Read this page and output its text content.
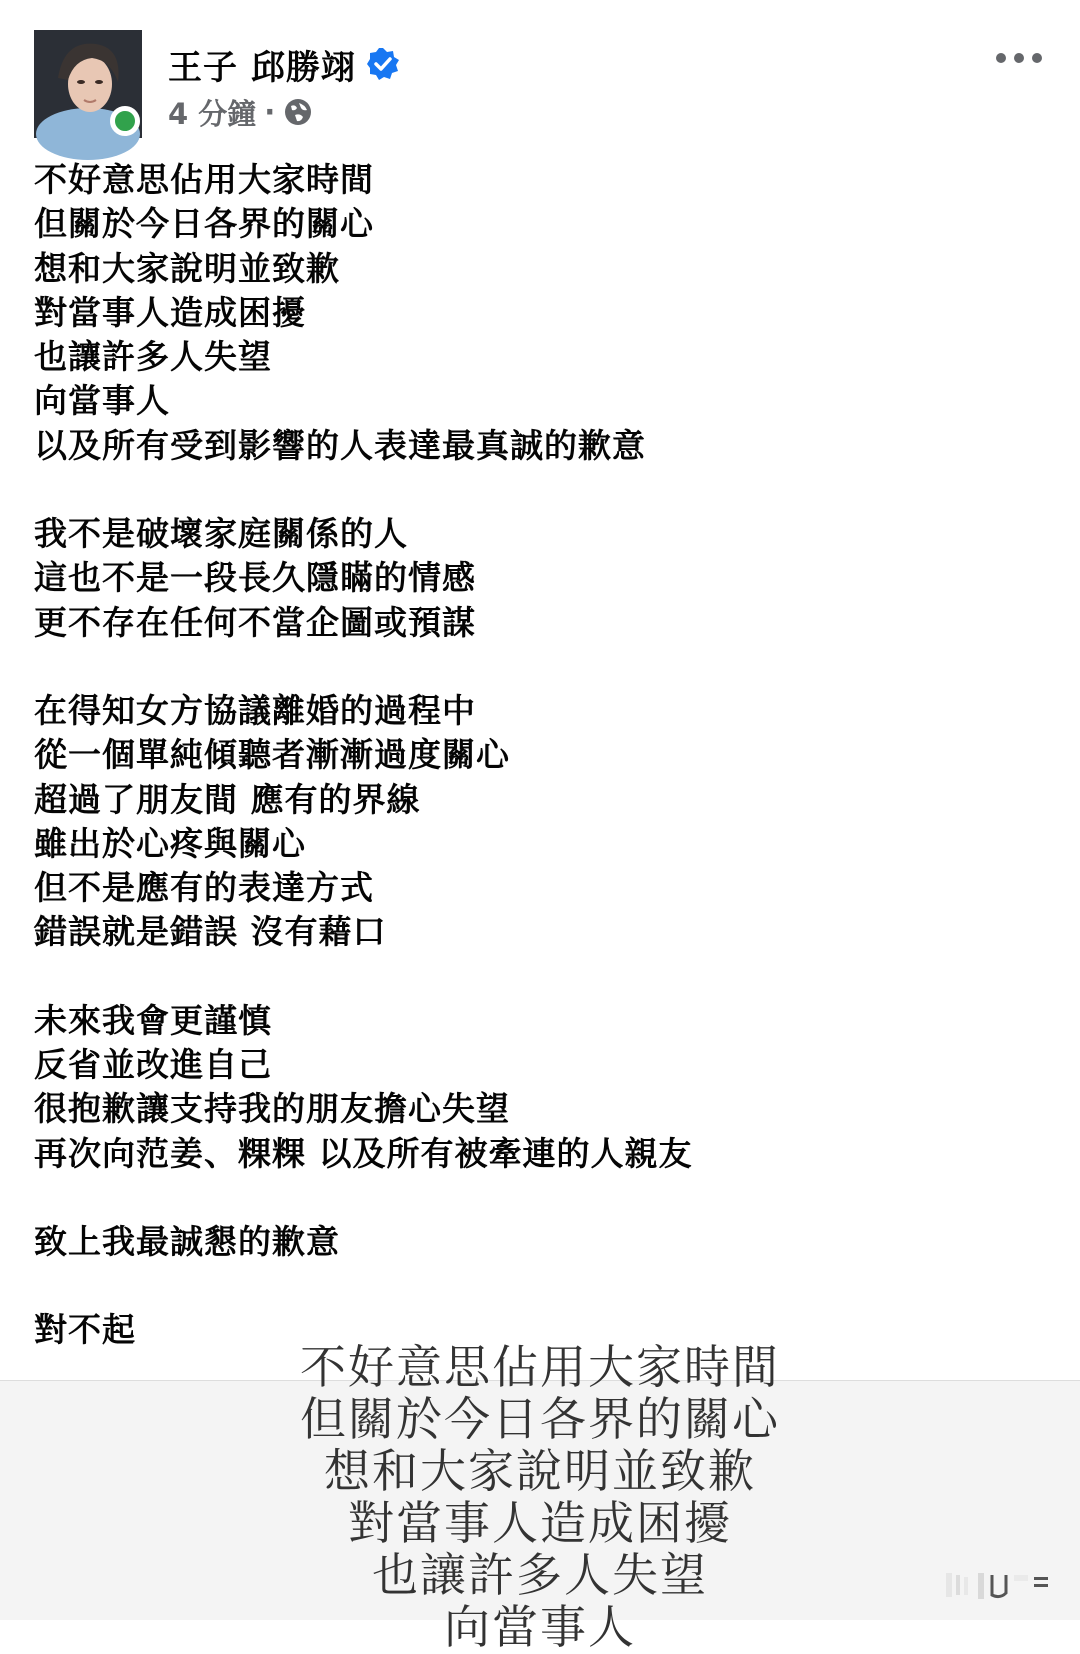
王子 邱勝翊
4 分鐘 ·
不好意思佔用大家時間
但關於今日各界的關心
想和大家說明並致歉
對當事人造成困擾
也讓許多人失望
向當事人
以及所有受到影響的人表達最真誠的歉意
我不是破壞家庭關係的人
這也不是一段長久隱瞞的情感
更不存在任何不當企圖或預謀
在得知女方協議離婚的過程中
從一個單純傾聽者漸漸過度關心
超過了朋友間 應有的界線
雖出於心疼與關心
但不是應有的表達方式
錯誤就是錯誤 沒有藉口
未來我會更謹慎
反省並改進自己
很抱歉讓支持我的朋友擔心失望
再次向范姜、粿粿 以及所有被牽連的人親友
致上我最誠懇的歉意
對不起
不好意思佔用大家時間
但關於今日各界的關心
想和大家說明並致歉
對當事人造成困擾
也讓許多人失望
向當事人
